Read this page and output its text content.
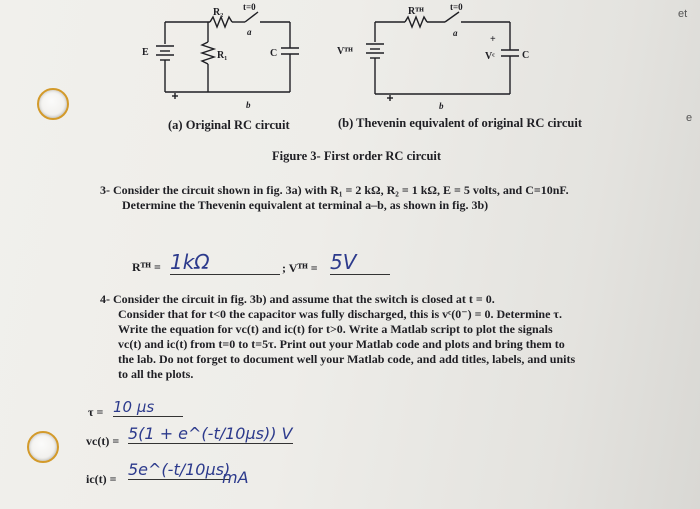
et
e
R₂ t=0
a
E	R₁	C
b
Rᵀᴴ	t=0
a
Vᵀᴴ
+
Vᶜ	C
b
(a) Original RC circuit	(b) Thevenin equivalent of original RC circuit
Figure 3- First order RC circuit
3- Consider the circuit shown in fig. 3a) with R₁ = 2 kΩ, R₂ = 1 kΩ, E = 5 volts, and C=10nF.
Determine the Thevenin equivalent at terminal a–b, as shown in fig. 3b)
Rᵀᴴ = 1kΩ	; Vᵀᴴ = 5V
4- Consider the circuit in fig. 3b) and assume that the switch is closed at t = 0.
Consider that for t<0 the capacitor was fully discharged, this is vᶜ(0⁻) = 0. Determine τ.
Write the equation for vc(t) and ic(t) for t>0. Write a Matlab script to plot the signals
vc(t) and ic(t) from t=0 to t=5τ. Print out your Matlab code and plots and bring them to
the lab. Do not forget to document well your Matlab code, and add titles, labels, and units
to all the plots.
τ = 10 µs
vc(t) = 5(1 + e^(-t/10µs)) V
ic(t) = 5e^(-t/10µs)
mA
